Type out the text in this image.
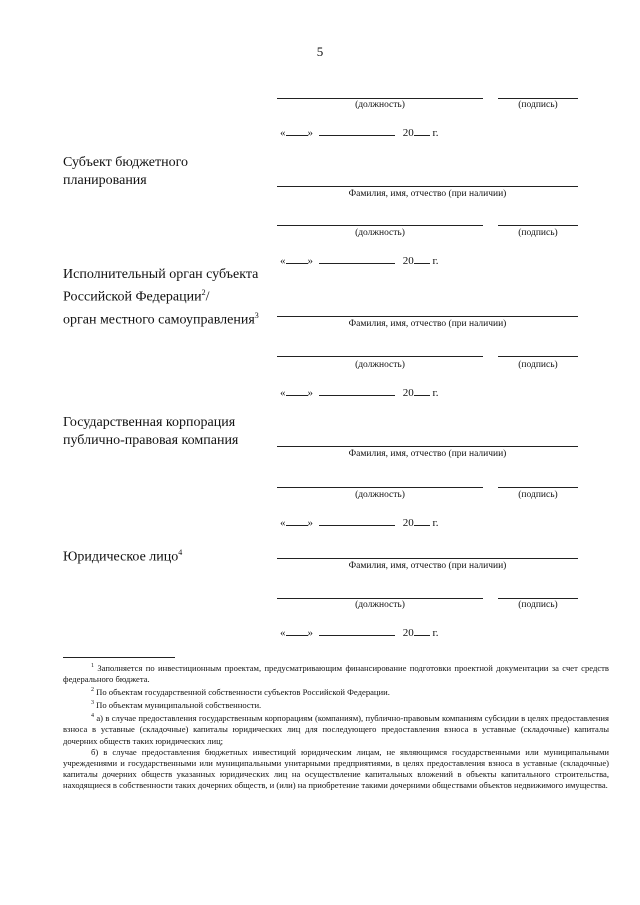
5
(должность)	(подпись)
« »	20 г.
Субъект бюджетного
планирования
Фамилия, имя, отчество (при наличии)
(должность)	(подпись)
« »	20 г.
Исполнительный орган субъекта
Российской Федерации$^2$/
орган местного самоуправления$^3$
Фамилия, имя, отчество (при наличии)
(должность)	(подпись)
« »	20 г.
Государственная корпорация
публично-правовая компания
Фамилия, имя, отчество (при наличии)
(должность)	(подпись)
« »	20 г.
Юридическое лицо$^4$
Фамилия, имя, отчество (при наличии)
(должность)	(подпись)
« »	20 г.

$^1$ Заполняется по инвестиционным проектам, предусматривающим финансирование подготовки проектной документации за счет средств федерального бюджета.

$^2$ По объектам государственной собственности субъектов Российской Федерации.

$^3$ По объектам муниципальной собственности.

$^4$ а) в случае предоставления государственным корпорациям (компаниям), публично-правовым компаниям субсидии в целях предоставления взноса в уставные (складочные) капиталы юридических лиц для последующего предоставления взноса в уставные (складочные) капиталы дочерних обществ таких юридических лиц;

б) в случае предоставления бюджетных инвестиций юридическим лицам, не являющимся государственными или муниципальными учреждениями и государственными или муниципальными унитарными предприятиями, в целях предоставления взноса в уставные (складочные) капиталы дочерних обществ указанных юридических лиц на осуществление капитальных вложений в объекты капитального строительства, находящиеся в собственности таких дочерних обществ, и (или) на приобретение такими дочерними обществами объектов недвижимого имущества.
